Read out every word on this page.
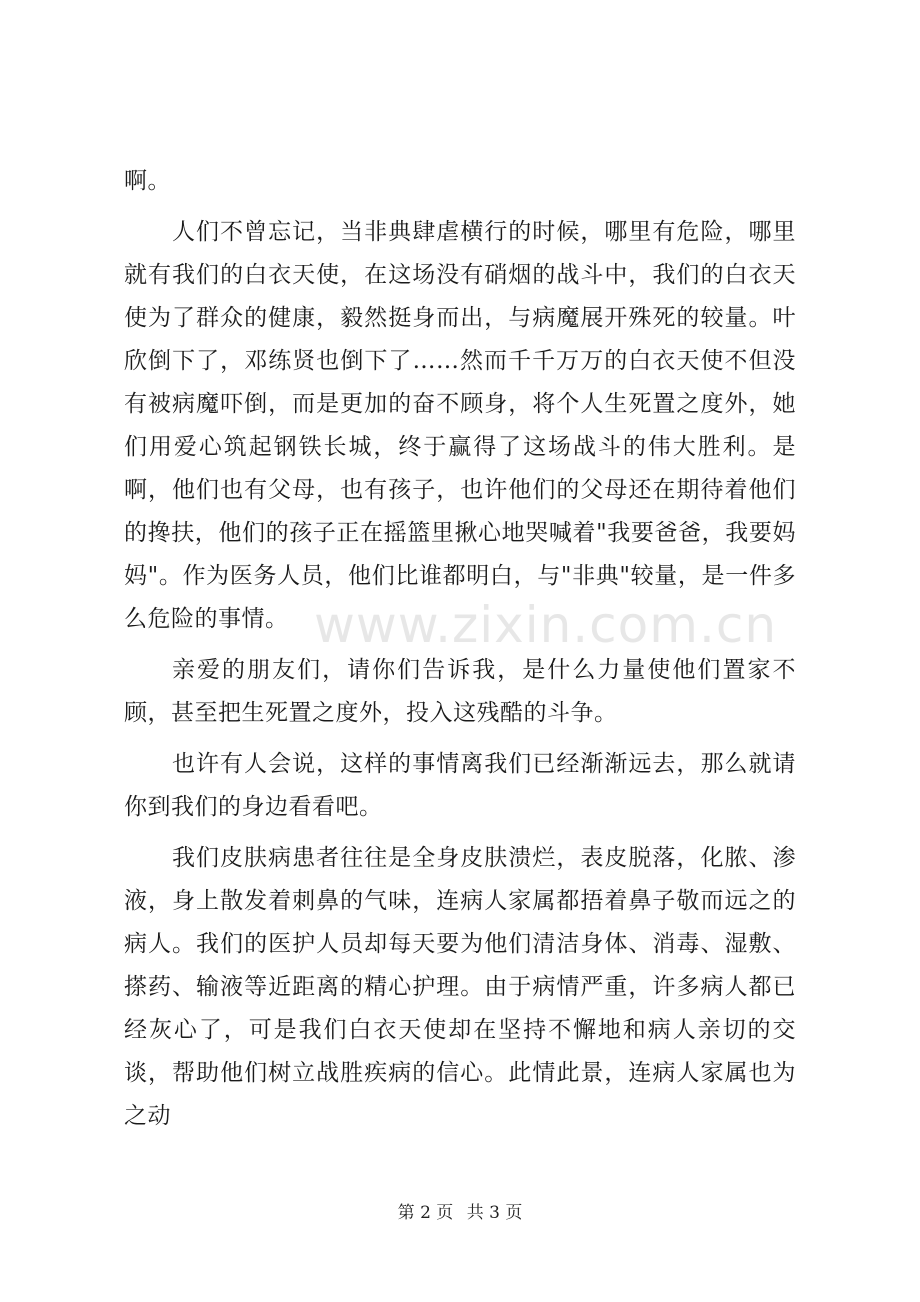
啊。

人们不曾忘记，当非典肆虐横行的时候，哪里有危险，哪里就有我们的白衣天使，在这场没有硝烟的战斗中，我们的白衣天使为了群众的健康，毅然挺身而出，与病魔展开殊死的较量。叶欣倒下了，邓练贤也倒下了……然而千千万万的白衣天使不但没有被病魔吓倒，而是更加的奋不顾身，将个人生死置之度外，她们用爱心筑起钢铁长城，终于赢得了这场战斗的伟大胜利。是啊，他们也有父母，也有孩子，也许他们的父母还在期待着他们的搀扶，他们的孩子正在摇篮里揪心地哭喊着"我要爸爸，我要妈妈"。作为医务人员，他们比谁都明白，与"非典"较量，是一件多么危险的事情。

亲爱的朋友们，请你们告诉我，是什么力量使他们置家不顾，甚至把生死置之度外，投入这残酷的斗争。

也许有人会说，这样的事情离我们已经渐渐远去，那么就请你到我们的身边看看吧。

我们皮肤病患者往往是全身皮肤溃烂，表皮脱落，化脓、渗液，身上散发着刺鼻的气味，连病人家属都捂着鼻子敬而远之的病人。我们的医护人员却每天要为他们清洁身体、消毒、湿敷、搽药、输液等近距离的精心护理。由于病情严重，许多病人都已经灰心了，可是我们白衣天使却在坚持不懈地和病人亲切的交谈，帮助他们树立战胜疾病的信心。此情此景，连病人家属也为之动

www.zixin.com.cn
第 2 页 共 3 页
